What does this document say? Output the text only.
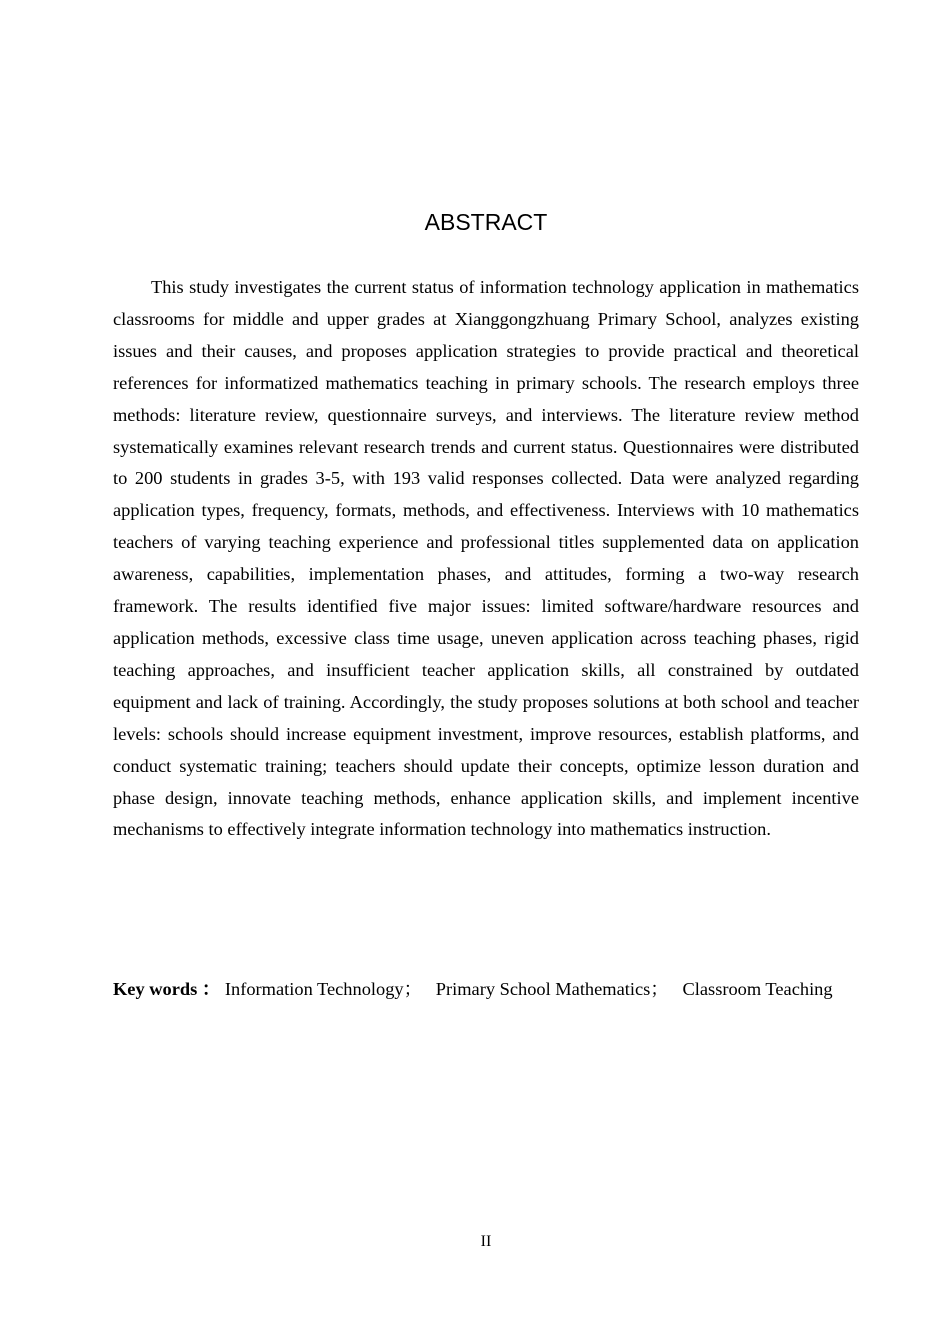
ABSTRACT

This study investigates the current status of information technology application in mathematics classrooms for middle and upper grades at Xianggongzhuang Primary School, analyzes existing issues and their causes, and proposes application strategies to provide practical and theoretical references for informatized mathematics teaching in primary schools. The research employs three methods: literature review, questionnaire surveys, and interviews. The literature review method systematically examines relevant research trends and current status. Questionnaires were distributed to 200 students in grades 3-5, with 193 valid responses collected. Data were analyzed regarding application types, frequency, formats, methods, and effectiveness. Interviews with 10 mathematics teachers of varying teaching experience and professional titles supplemented data on application awareness, capabilities, implementation phases, and attitudes, forming a two-way research framework. The results identified five major issues: limited software/hardware resources and application methods, excessive class time usage, uneven application across teaching phases, rigid teaching approaches, and insufficient teacher application skills, all constrained by outdated equipment and lack of training. Accordingly, the study proposes solutions at both school and teacher levels: schools should increase equipment investment, improve resources, establish platforms, and conduct systematic training; teachers should update their concepts, optimize lesson duration and phase design, innovate teaching methods, enhance application skills, and implement incentive mechanisms to effectively integrate information technology into mathematics instruction.

Key words ： Information Technology； Primary School Mathematics； Classroom Teaching

II
